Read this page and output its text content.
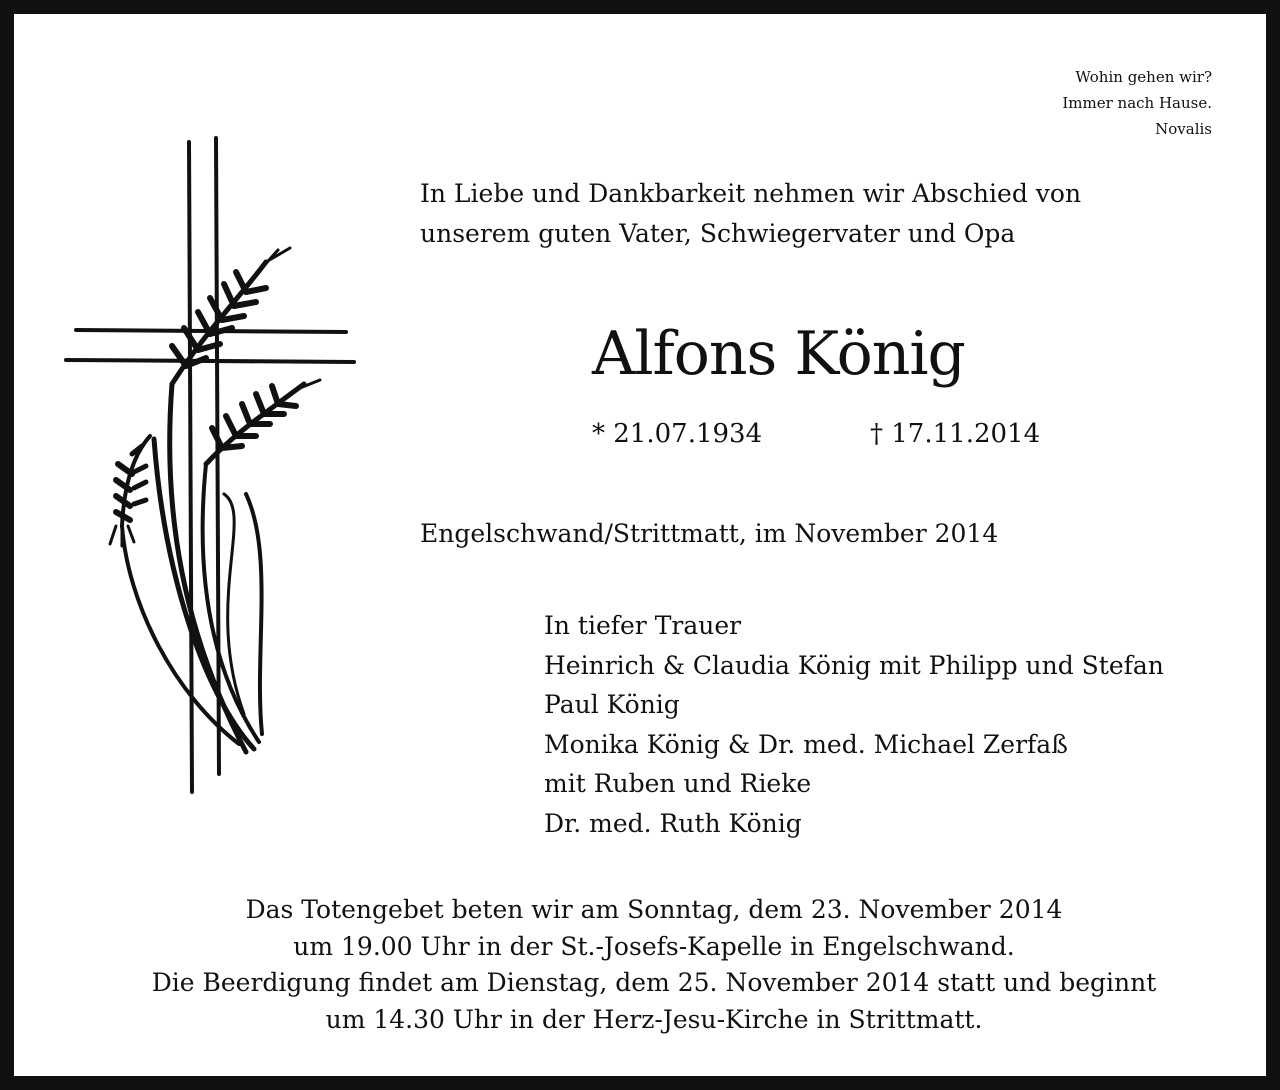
Wohin gehen wir?
Immer nach Hause.
Novalis
In Liebe und Dankbarkeit nehmen wir Abschied von
unserem guten Vater, Schwiegervater und Opa
Alfons König
* 21.07.1934	† 17.11.2014
Engelschwand/Strittmatt, im November 2014
In tiefer Trauer
Heinrich & Claudia König mit Philipp und Stefan
Paul König
Monika König & Dr. med. Michael Zerfaß
mit Ruben und Rieke
Dr. med. Ruth König
Das Totengebet beten wir am Sonntag, dem 23. November 2014
um 19.00 Uhr in der St.-Josefs-Kapelle in Engelschwand.
Die Beerdigung findet am Dienstag, dem 25. November 2014 statt und beginnt
um 14.30 Uhr in der Herz-Jesu-Kirche in Strittmatt.
